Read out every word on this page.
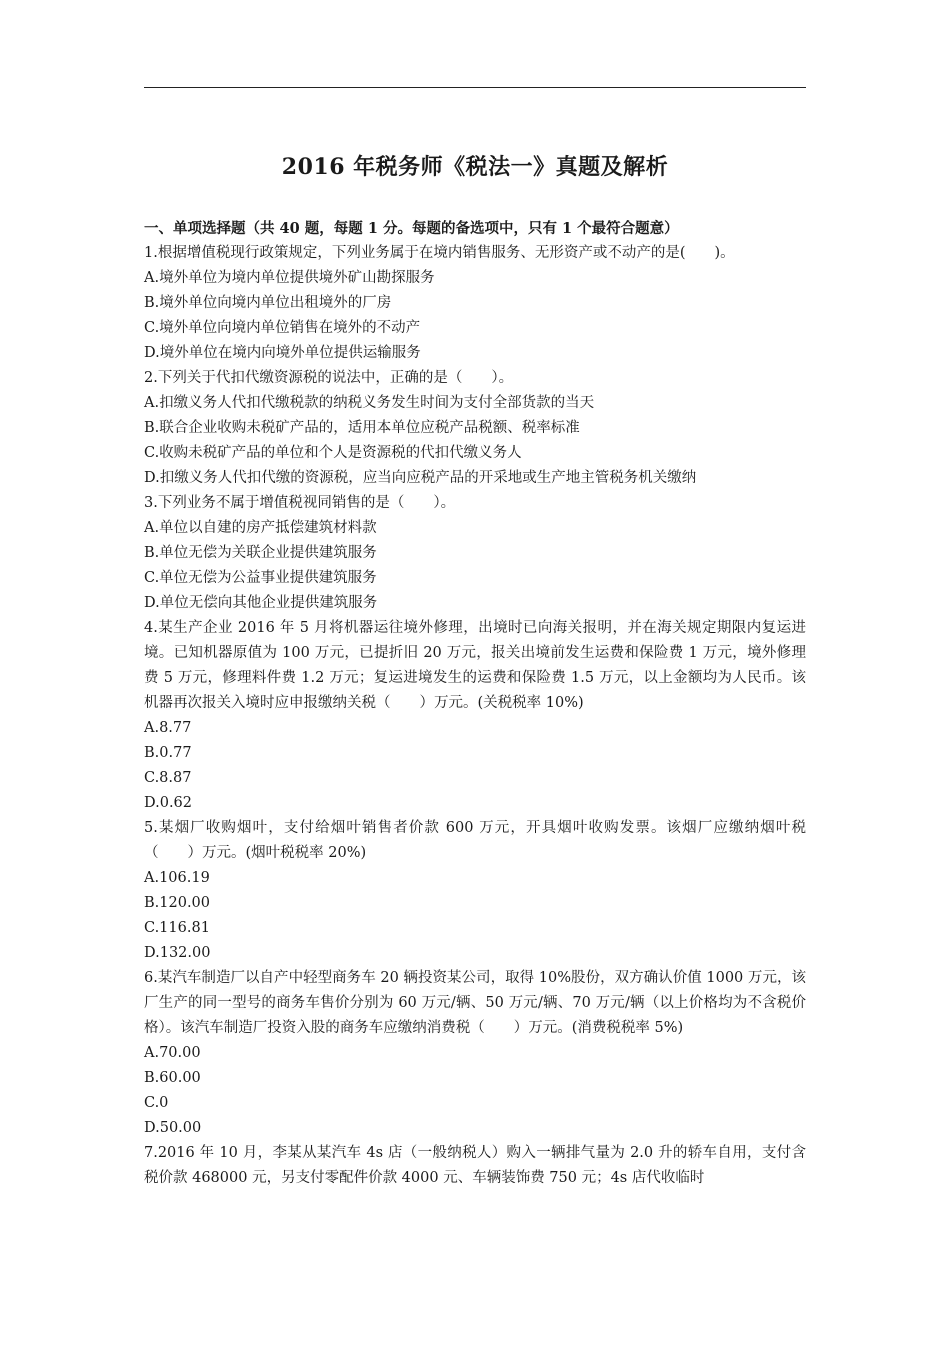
2016 年税务师《税法一》真题及解析
一、单项选择题（共 40 题，每题 1 分。每题的备选项中，只有 1 个最符合题意）
1.根据增值税现行政策规定，下列业务属于在境内销售服务、无形资产或不动产的是(　　)。
A.境外单位为境内单位提供境外矿山勘探服务
B.境外单位向境内单位出租境外的厂房
C.境外单位向境内单位销售在境外的不动产
D.境外单位在境内向境外单位提供运输服务
2.下列关于代扣代缴资源税的说法中，正确的是（　　）。
A.扣缴义务人代扣代缴税款的纳税义务发生时间为支付全部货款的当天
B.联合企业收购未税矿产品的，适用本单位应税产品税额、税率标准
C.收购未税矿产品的单位和个人是资源税的代扣代缴义务人
D.扣缴义务人代扣代缴的资源税，应当向应税产品的开采地或生产地主管税务机关缴纳
3.下列业务不属于增值税视同销售的是（　　）。
A.单位以自建的房产抵偿建筑材料款
B.单位无偿为关联企业提供建筑服务
C.单位无偿为公益事业提供建筑服务
D.单位无偿向其他企业提供建筑服务
4.某生产企业 2016 年 5 月将机器运往境外修理，出境时已向海关报明，并在海关规定期限内复运进境。已知机器原值为 100 万元，已提折旧 20 万元，报关出境前发生运费和保险费 1 万元，境外修理费 5 万元，修理料件费 1.2 万元；复运进境发生的运费和保险费 1.5 万元，以上金额均为人民币。该机器再次报关入境时应申报缴纳关税（　　）万元。(关税税率 10%)
A.8.77
B.0.77
C.8.87
D.0.62
5.某烟厂收购烟叶，支付给烟叶销售者价款 600 万元，开具烟叶收购发票。该烟厂应缴纳烟叶税（　　）万元。(烟叶税税率 20%)
A.106.19
B.120.00
C.116.81
D.132.00
6.某汽车制造厂以自产中轻型商务车 20 辆投资某公司，取得 10%股份，双方确认价值 1000 万元，该厂生产的同一型号的商务车售价分别为 60 万元/辆、50 万元/辆、70 万元/辆（以上价格均为不含税价格）。该汽车制造厂投资入股的商务车应缴纳消费税（　　）万元。(消费税税率 5%)
A.70.00
B.60.00
C.0
D.50.00
7.2016 年 10 月，李某从某汽车 4s 店（一般纳税人）购入一辆排气量为 2.0 升的轿车自用，支付含税价款 468000 元，另支付零配件价款 4000 元、车辆装饰费 750 元；4s 店代收临时
